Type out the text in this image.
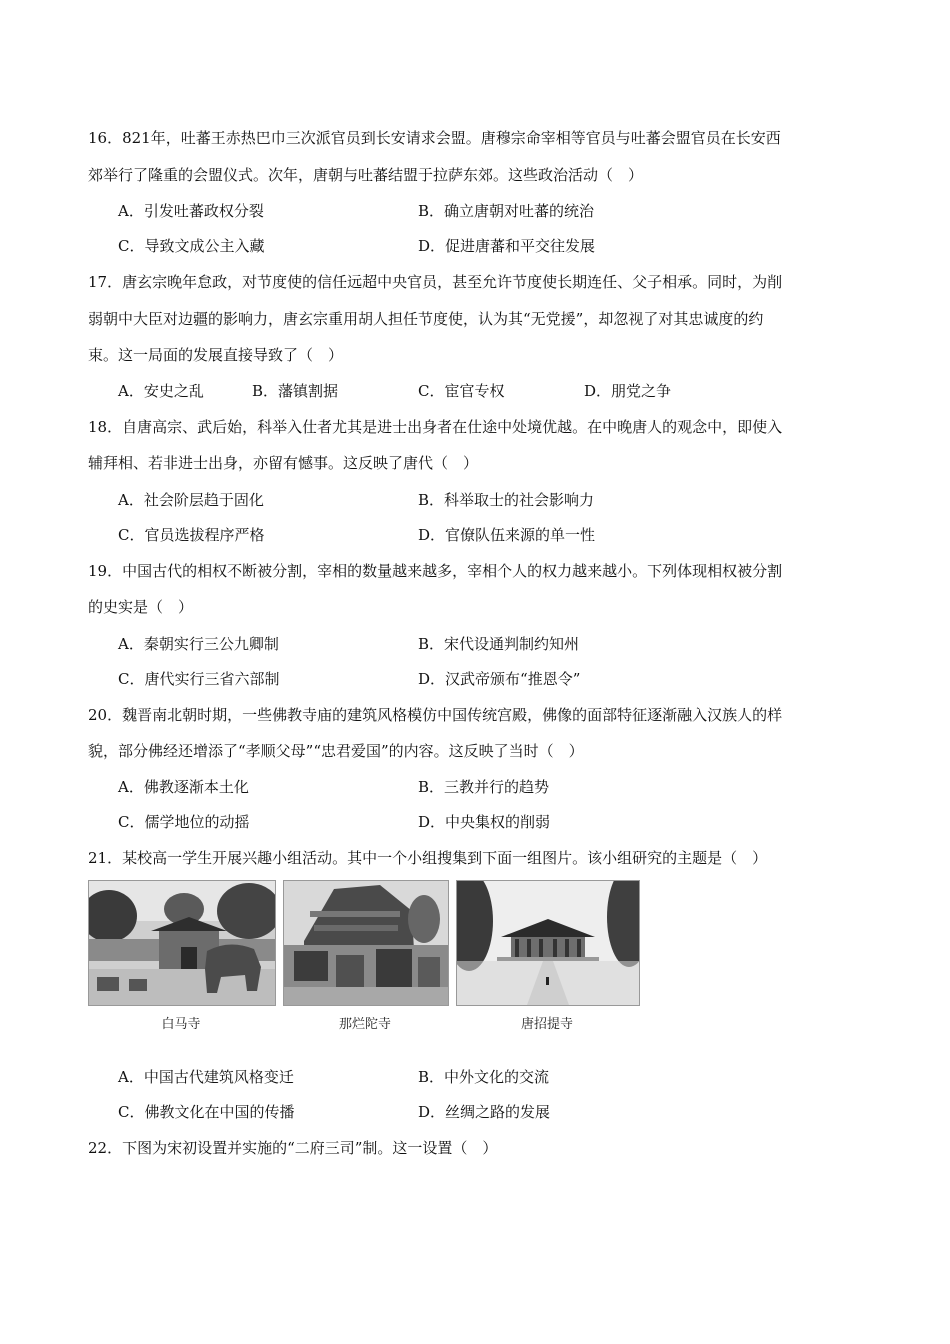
16．821年，吐蕃王赤热巴巾三次派官员到长安请求会盟。唐穆宗命宰相等官员与吐蕃会盟官员在长安西
郊举行了隆重的会盟仪式。次年，唐朝与吐蕃结盟于拉萨东郊。这些政治活动（　）
A．引发吐蕃政权分裂	B．确立唐朝对吐蕃的统治
C．导致文成公主入藏	D．促进唐蕃和平交往发展
17．唐玄宗晚年怠政，对节度使的信任远超中央官员，甚至允许节度使长期连任、父子相承。同时，为削
弱朝中大臣对边疆的影响力，唐玄宗重用胡人担任节度使，认为其“无党援”，却忽视了对其忠诚度的约
束。这一局面的发展直接导致了（　）
A．安史之乱	B．藩镇割据	C．宦官专权	D．朋党之争
18．自唐高宗、武后始，科举入仕者尤其是进士出身者在仕途中处境优越。在中晚唐人的观念中，即使入
辅拜相、若非进士出身，亦留有憾事。这反映了唐代（　）
A．社会阶层趋于固化	B．科举取士的社会影响力
C．官员选拔程序严格	D．官僚队伍来源的单一性
19．中国古代的相权不断被分割，宰相的数量越来越多，宰相个人的权力越来越小。下列体现相权被分割
的史实是（　）
A．秦朝实行三公九卿制	B．宋代设通判制约知州
C．唐代实行三省六部制	D．汉武帝颁布“推恩令”
20．魏晋南北朝时期，一些佛教寺庙的建筑风格模仿中国传统宫殿，佛像的面部特征逐渐融入汉族人的样
貌，部分佛经还增添了“孝顺父母”“忠君爱国”的内容。这反映了当时（　）
A．佛教逐渐本土化	B．三教并行的趋势
C．儒学地位的动摇	D．中央集权的削弱
21．某校高一学生开展兴趣小组活动。其中一个小组搜集到下面一组图片。该小组研究的主题是（　）
白马寺	那烂陀寺	唐招提寺
A．中国古代建筑风格变迁	B．中外文化的交流
C．佛教文化在中国的传播	D．丝绸之路的发展
22．下图为宋初设置并实施的“二府三司”制。这一设置（　）
